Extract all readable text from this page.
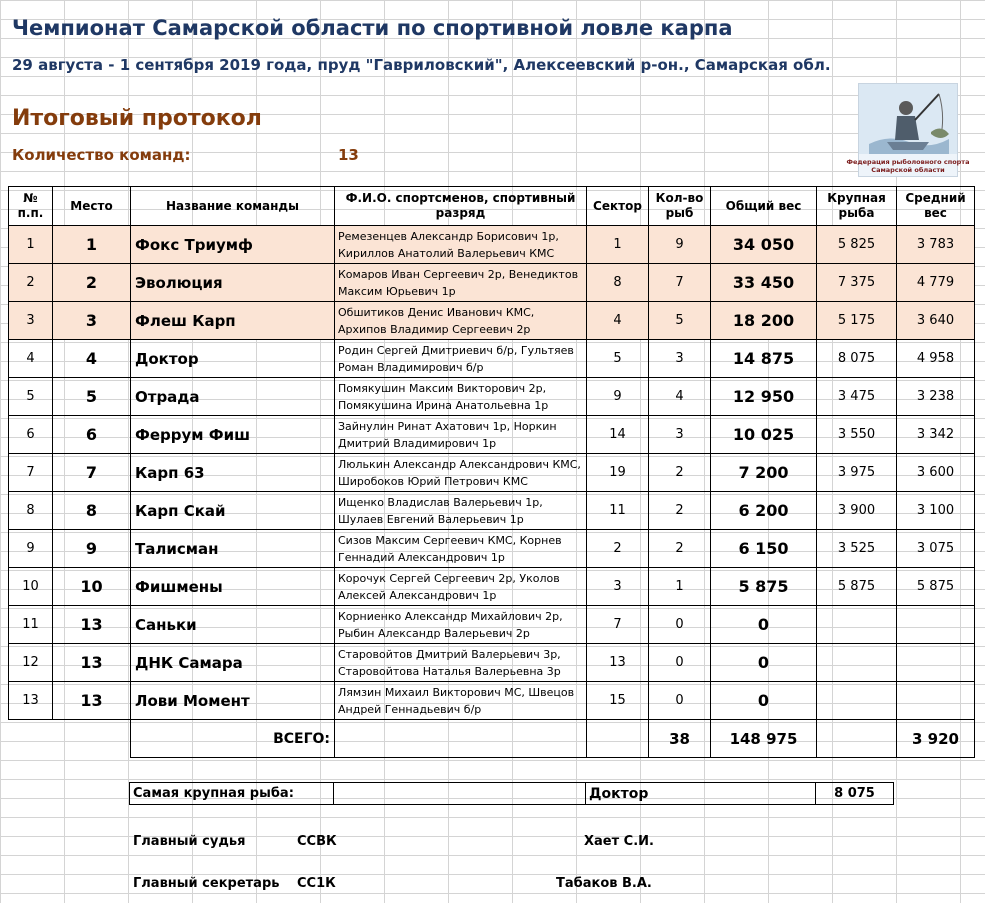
Чемпионат Самарской области по спортивной ловле карпа
29 августа - 1 сентября 2019 года, пруд "Гавриловский", Алексеевский р-он., Самарская обл.
Итоговый протокол
Количество команд:	13	Федерация рыболовного спорта
Самарской области
№
п.п.	Место	Название команды	Ф.И.О. спортсменов, спортивный разряд	Сектор	Кол-во рыб	Общий вес	Крупная рыба	Средний вес
1	1	Фокс Триумф	Ремезенцев Александр Борисович 1р,
Кириллов Анатолий Валерьевич КМС	1	9	34 050	5 825	3 783
2	2	Эволюция	Комаров Иван Сергеевич 2р, Венедиктов
Максим Юрьевич 1р	8	7	33 450	7 375	4 779
3	3	Флеш Карп	Обшитиков Денис Иванович КМС,
Архипов Владимир Сергеевич 2р	4	5	18 200	5 175	3 640
4	4	Доктор	Родин Сергей Дмитриевич б/р, Гультяев
Роман Владимирович б/р	5	3	14 875	8 075	4 958
5	5	Отрада	Помякушин Максим Викторович 2р,
Помякушина Ирина Анатольевна 1р	9	4	12 950	3 475	3 238
6	6	Феррум Фиш	Зайнулин Ринат Ахатович 1р, Норкин
Дмитрий Владимирович 1р	14	3	10 025	3 550	3 342
7	7	Карп 63	Люлькин Александр Александрович КМС,
Широбоков Юрий Петрович КМС	19	2	7 200	3 975	3 600
8	8	Карп Скай	Ищенко Владислав Валерьевич 1р,
Шулаев Евгений Валерьевич 1р	11	2	6 200	3 900	3 100
9	9	Талисман	Сизов Максим Сергеевич КМС, Корнев
Геннадий Александрович 1р	2	2	6 150	3 525	3 075
10	10	Фишмены	Корочук Сергей Сергеевич 2р, Уколов
Алексей Александрович 1р	3	1	5 875	5 875	5 875
11	13	Саньки	Корниенко Александр Михайлович 2р,
Рыбин Александр Валерьевич 2р	7	0	0		
12	13	ДНК Самара	Старовойтов Дмитрий Валерьевич 3р,
Старовойтова Наталья Валерьевна 3р	13	0	0		
13	13	Лови Момент	Лямзин Михаил Викторович МС, Швецов
Андрей Геннадьевич б/р	15	0	0		
		ВСЕГО:			38	148 975		3 920
Самая крупная рыба:		Доктор	8 075
Главный судья	ССВК	Хает С.И.
Главный секретарь СС1К	Табаков В.А.
